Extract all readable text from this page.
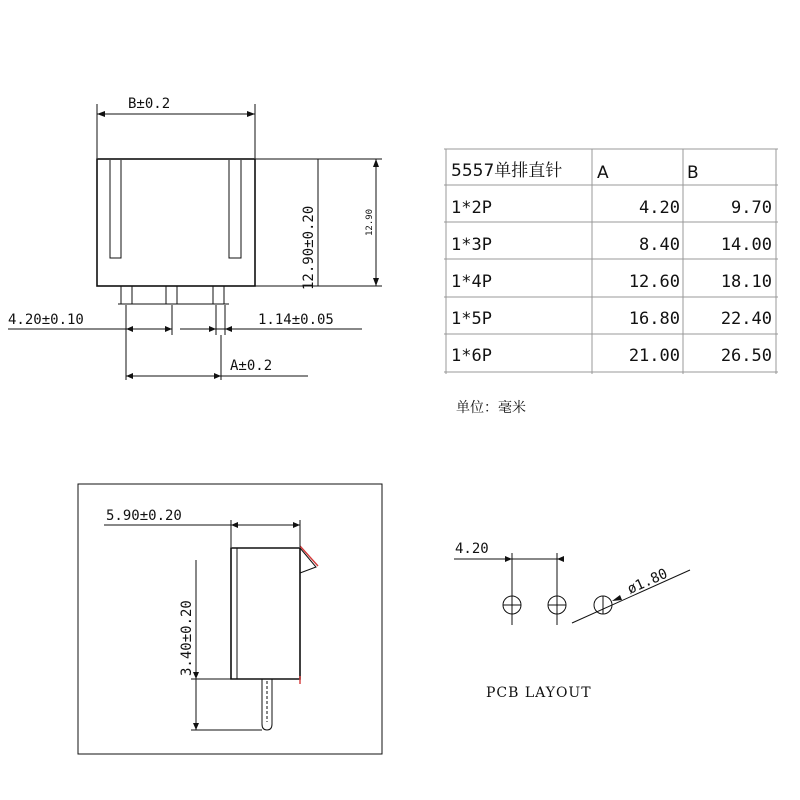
B±0.2
12.90±0.20	12.90
4.20±0.10	1.14±0.05
A±0.2
5557单排直针 A	B
1*2P	4.20	9.70
1*3P	8.40 14.00
1*4P	12.60 18.10
1*5P	16.80 22.40
1*6P	21.00 26.50
单位：毫米
5.90±0.20
3.40±0.20
4.20
ø1.80
PCB LAYOUT
